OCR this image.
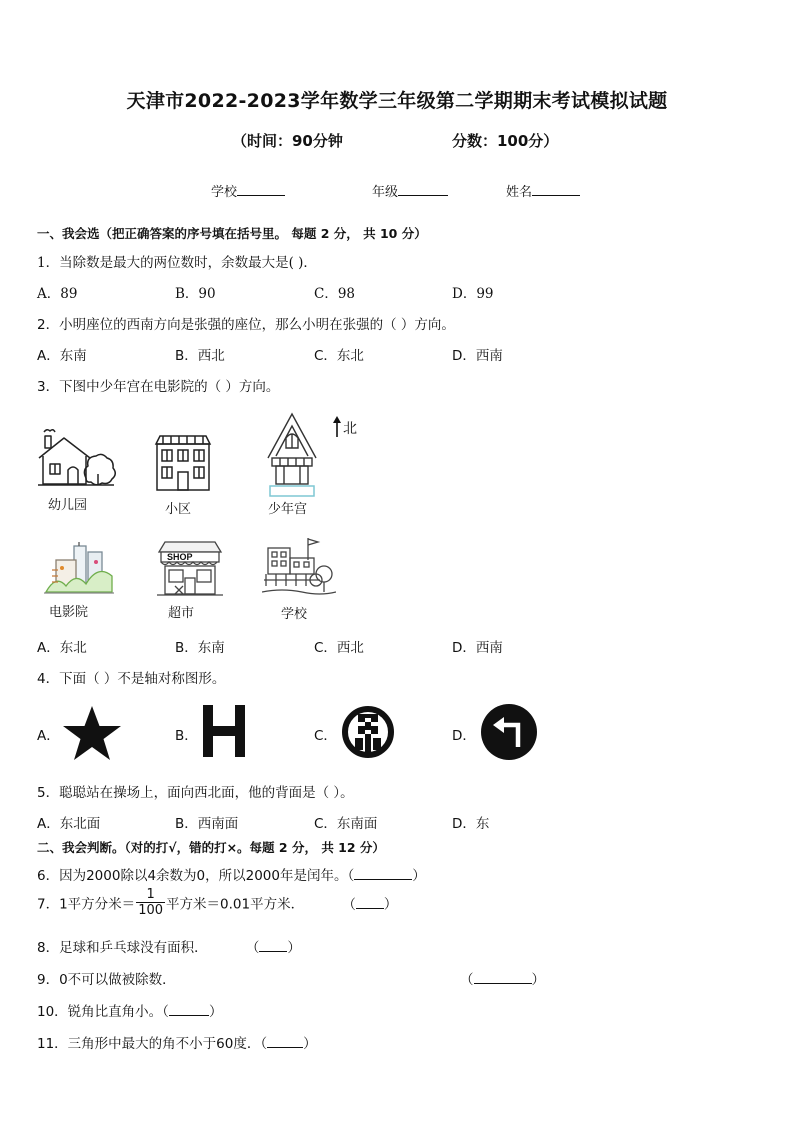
天津市2022-2023学年数学三年级第二学期期末考试模拟试题
（时间：90分钟	分数：100分）
学校	年级	姓名
一、我会选（把正确答案的序号填在括号里。 每题 2 分， 共 10 分）
1．当除数是最大的两位数时，余数最大是( )．
A．89	B．90	C．98	D．99
2．小明座位的西南方向是张强的座位，那么小明在张强的（ ）方向。
A．东南	B．西北	C．东北	D．西南
3．下图中少年宫在电影院的（ ）方向。
北
幼儿园	小区	少年宫
电影院
SHOP
超市	学校
A．东北	B．东南	C．西北	D．西南
4．下面（ ）不是轴对称图形。
A．	B．	C．	D．
5．聪聪站在操场上，面向西北面，他的背面是（ ）。
A．东北面	B．西南面	C．东南面	D．东
二、我会判断。（对的打√，错的打×。每题 2 分， 共 12 分）
6．因为2000除以4余数为0，所以2000年是闰年。（	）
7．1平方分米＝ $\frac{1}{100}$ 平方米＝0.01平方米．	（ ）
8．足球和乒乓球没有面积．	（ ）
9．0不可以做被除数．	（	）
10．锐角比直角小。（	）
11．三角形中最大的角不小于60度．（	）
